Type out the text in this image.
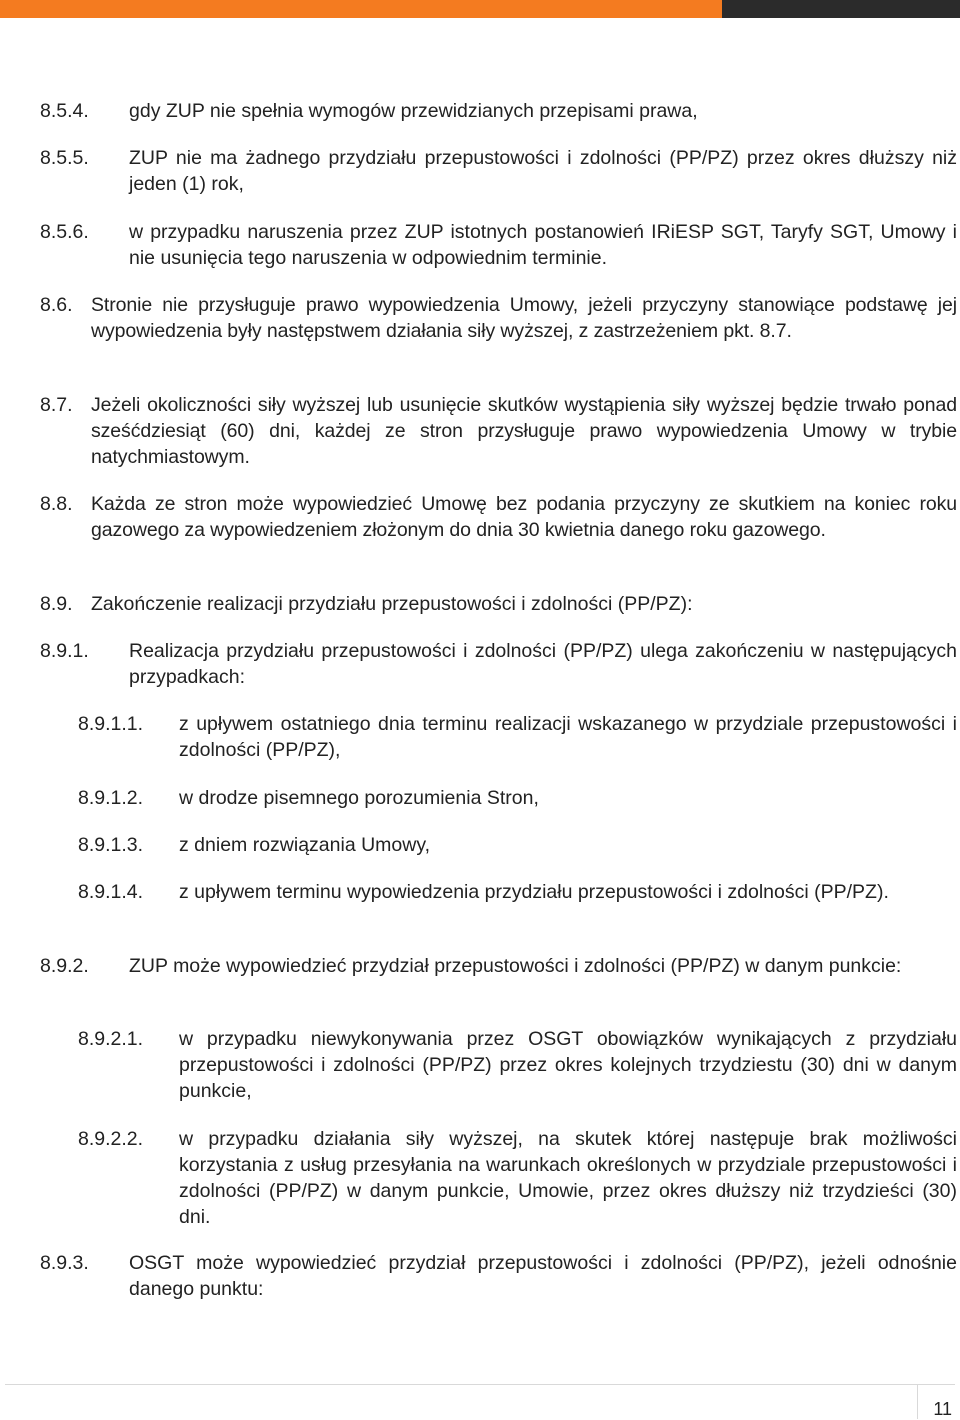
8.5.4.	gdy ZUP nie spełnia wymogów przewidzianych przepisami prawa,
8.5.5.	ZUP nie ma żadnego przydziału przepustowości i zdolności (PP/PZ) przez okres dłuższy niż jeden (1) rok,
8.5.6.	w przypadku naruszenia przez ZUP istotnych postanowień IRiESP SGT, Taryfy SGT, Umowy i nie usunięcia tego naruszenia w odpowiednim terminie.
8.6. Stronie nie przysługuje prawo wypowiedzenia Umowy, jeżeli przyczyny stanowiące podstawę jej wypowiedzenia były następstwem działania siły wyższej, z zastrzeżeniem pkt. 8.7.
8.7. Jeżeli okoliczności siły wyższej lub usunięcie skutków wystąpienia siły wyższej będzie trwało ponad sześćdziesiąt (60) dni, każdej ze stron przysługuje prawo wypowiedzenia Umowy w trybie natychmiastowym.
8.8. Każda ze stron może wypowiedzieć Umowę bez podania przyczyny ze skutkiem na koniec roku gazowego za wypowiedzeniem złożonym do dnia 30 kwietnia danego roku gazowego.
8.9. Zakończenie realizacji przydziału przepustowości i zdolności (PP/PZ):
8.9.1.	Realizacja przydziału przepustowości i zdolności (PP/PZ) ulega zakończeniu w następujących przypadkach:
8.9.1.1.	z upływem ostatniego dnia terminu realizacji wskazanego w przydziale przepustowości i zdolności (PP/PZ),
8.9.1.2.	w drodze pisemnego porozumienia Stron,
8.9.1.3.	z dniem rozwiązania Umowy,
8.9.1.4.	z upływem terminu wypowiedzenia przydziału przepustowości i zdolności (PP/PZ).
8.9.2.	ZUP może wypowiedzieć przydział przepustowości i zdolności (PP/PZ) w danym punkcie:
8.9.2.1.	w przypadku niewykonywania przez OSGT obowiązków wynikających z przydziału przepustowości i zdolności (PP/PZ) przez okres kolejnych trzydziestu (30) dni w danym punkcie,
8.9.2.2.	w przypadku działania siły wyższej, na skutek której następuje brak możliwości korzystania z usług przesyłania na warunkach określonych w przydziale przepustowości i zdolności (PP/PZ) w danym punkcie, Umowie, przez okres dłuższy niż trzydzieści (30) dni.
8.9.3.	OSGT może wypowiedzieć przydział przepustowości i zdolności (PP/PZ), jeżeli odnośnie danego punktu:
11
